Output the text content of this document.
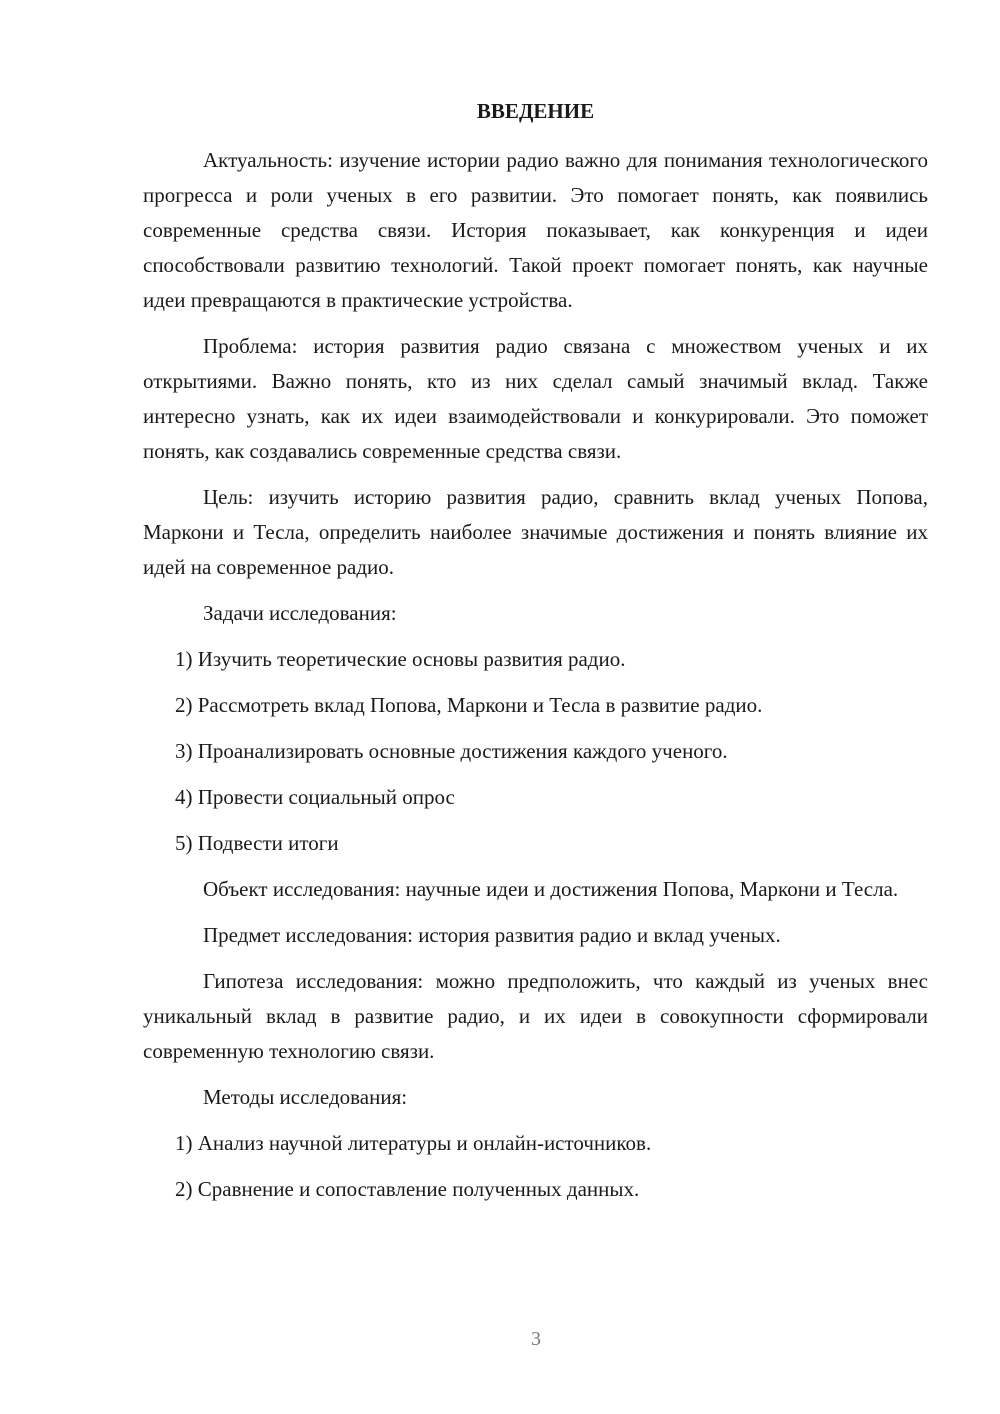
ВВЕДЕНИЕ

Актуальность: изучение истории радио важно для понимания технологического прогресса и роли ученых в его развитии. Это помогает понять, как появились современные средства связи. История показывает, как конкуренция и идеи способствовали развитию технологий. Такой проект помогает понять, как научные идеи превращаются в практические устройства.

Проблема: история развития радио связана с множеством ученых и их открытиями. Важно понять, кто из них сделал самый значимый вклад. Также интересно узнать, как их идеи взаимодействовали и конкурировали. Это поможет понять, как создавались современные средства связи.

Цель: изучить историю развития радио, сравнить вклад ученых Попова, Маркони и Тесла, определить наиболее значимые достижения и понять влияние их идей на современное радио.

Задачи исследования:

1) Изучить теоретические основы развития радио.

2) Рассмотреть вклад Попова, Маркони и Тесла в развитие радио.

3) Проанализировать основные достижения каждого ученого.

4) Провести социальный опрос

5) Подвести итоги

Объект исследования: научные идеи и достижения Попова, Маркони и Тесла.

Предмет исследования: история развития радио и вклад ученых.

Гипотеза исследования: можно предположить, что каждый из ученых внес уникальный вклад в развитие радио, и их идеи в совокупности сформировали современную технологию связи.

Методы исследования:

1) Анализ научной литературы и онлайн-источников.

2) Сравнение и сопоставление полученных данных.

3
